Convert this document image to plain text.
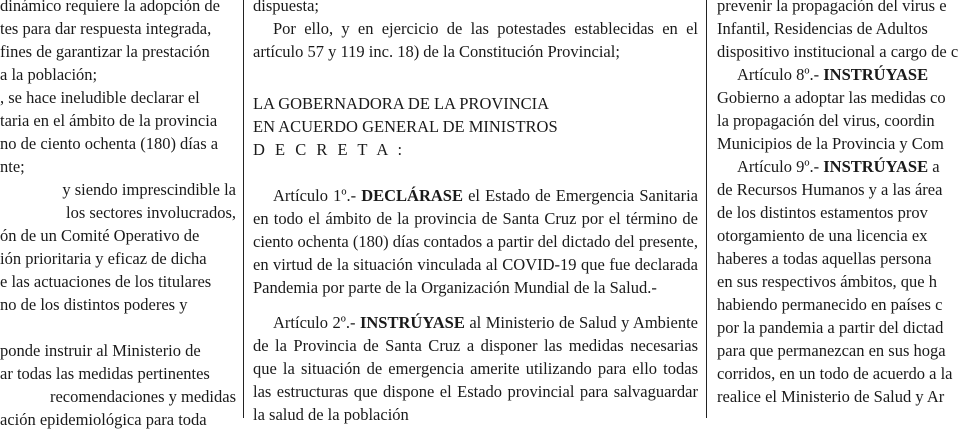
dinámico requiere la adopción de

tes para dar respuesta integrada,

fines de garantizar la prestación

a la población;

, se hace ineludible declarar el

taria en el ámbito de la provincia

no de ciento ochenta (180) días a

nte;

y siendo imprescindible la

los sectores involucrados,

ón de un Comité Operativo de

ión prioritaria y eficaz de dicha

e las actuaciones de los titulares

no de los distintos poderes y

ponde instruir al Ministerio de

ar todas las medidas pertinentes

recomendaciones y medidas

ación epidemiológica para toda

dispuesta;

Por ello, y en ejercicio de las potestades establecidas en el artículo 57 y 119 inc. 18) de la Constitución Provincial;

LA GOBERNADORA DE LA PROVINCIA

EN ACUERDO GENERAL DE MINISTROS

D E C R E T A :

Artículo 1º.- DECLÁRASE el Estado de Emergencia Sanitaria en todo el ámbito de la provincia de Santa Cruz por el término de ciento ochenta (180) días contados a partir del dictado del presente, en virtud de la situación vinculada al COVID-19 que fue declarada Pandemia por parte de la Organización Mundial de la Salud.-

Artículo 2º.- INSTRÚYASE al Ministerio de Salud y Ambiente de la Provincia de Santa Cruz a disponer las medidas necesarias que la situación de emergencia amerite utilizando para ello todas las estructuras que dispone el Estado provincial para salvaguardar la salud de la población

prevenir la propagación del virus e

Infantil, Residencias de Adultos

dispositivo institucional a cargo de c

Artículo 8º.- INSTRÚYASE

Gobierno a adoptar las medidas co

la propagación del virus, coordin

Municipios de la Provincia y Com

Artículo 9º.- INSTRÚYASE a

de Recursos Humanos y a las área

de los distintos estamentos prov

otorgamiento de una licencia ex

haberes a todas aquellas persona

en sus respectivos ámbitos, que h

habiendo permanecido en países c

por la pandemia a partir del dictad

para que permanezcan en sus hoga

corridos, en un todo de acuerdo a la

realice el Ministerio de Salud y Ar
